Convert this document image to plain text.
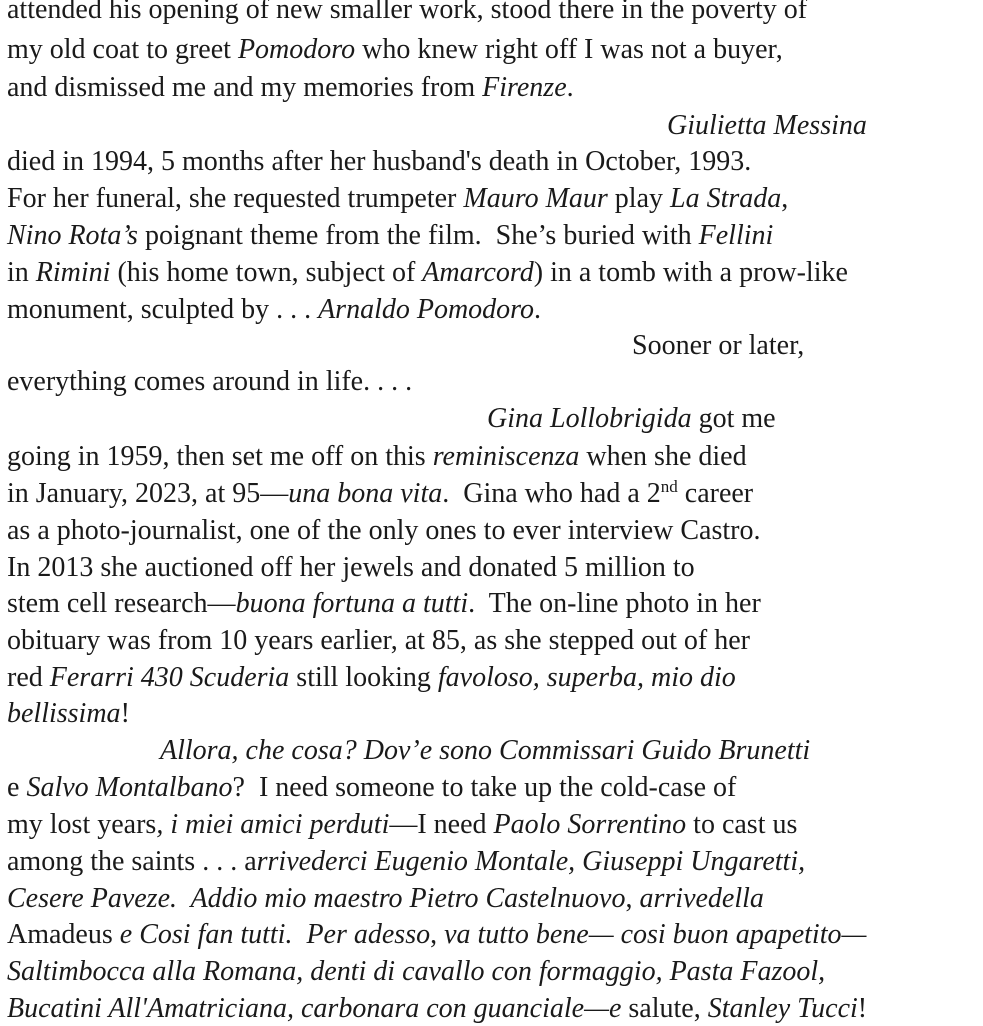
attended his opening of new smaller work, stood there in the poverty of
my old coat to greet Pomodoro who knew right off I was not a buyer,
and dismissed me and my memories from Firenze.
Giulietta Messina
died in 1994, 5 months after her husband's death in October, 1993.
For her funeral, she requested trumpeter Mauro Maur play La Strada,
Nino Rota’s poignant theme from the film.  She’s buried with Fellini
in Rimini (his home town, subject of Amarcord) in a tomb with a prow-like
monument, sculpted by . . . Arnaldo Pomodoro.
Sooner or later,
everything comes around in life. . . .
Gina Lollobrigida got me
going in 1959, then set me off on this reminiscenza when she died
in January, 2023, at 95—una bona vita.  Gina who had a 2nd career
as a photo-journalist, one of the only ones to ever interview Castro.
In 2013 she auctioned off her jewels and donated 5 million to
stem cell research—buona fortuna a tutti.  The on-line photo in her
obituary was from 10 years earlier, at 85, as she stepped out of her
red Ferarri 430 Scuderia still looking favoloso, superba, mio dio
bellissima!
Allora, che cosa? Dov’e sono Commissari Guido Brunetti
e Salvo Montalbano?  I need someone to take up the cold-case of
my lost years, i miei amici perduti—I need Paolo Sorrentino to cast us
among the saints . . . arrivederci Eugenio Montale, Giuseppi Ungaretti,
Cesere Paveze.  Addio mio maestro Pietro Castelnuovo, arrivedella
Amadeus e Cosi fan tutti.  Per adesso, va tutto bene— cosi buon apapetito—
Saltimbocca alla Romana, denti di cavallo con formaggio, Pasta Fazool,
Bucatini All'Amatriciana, carbonara con guanciale—e salute, Stanley Tucci!
